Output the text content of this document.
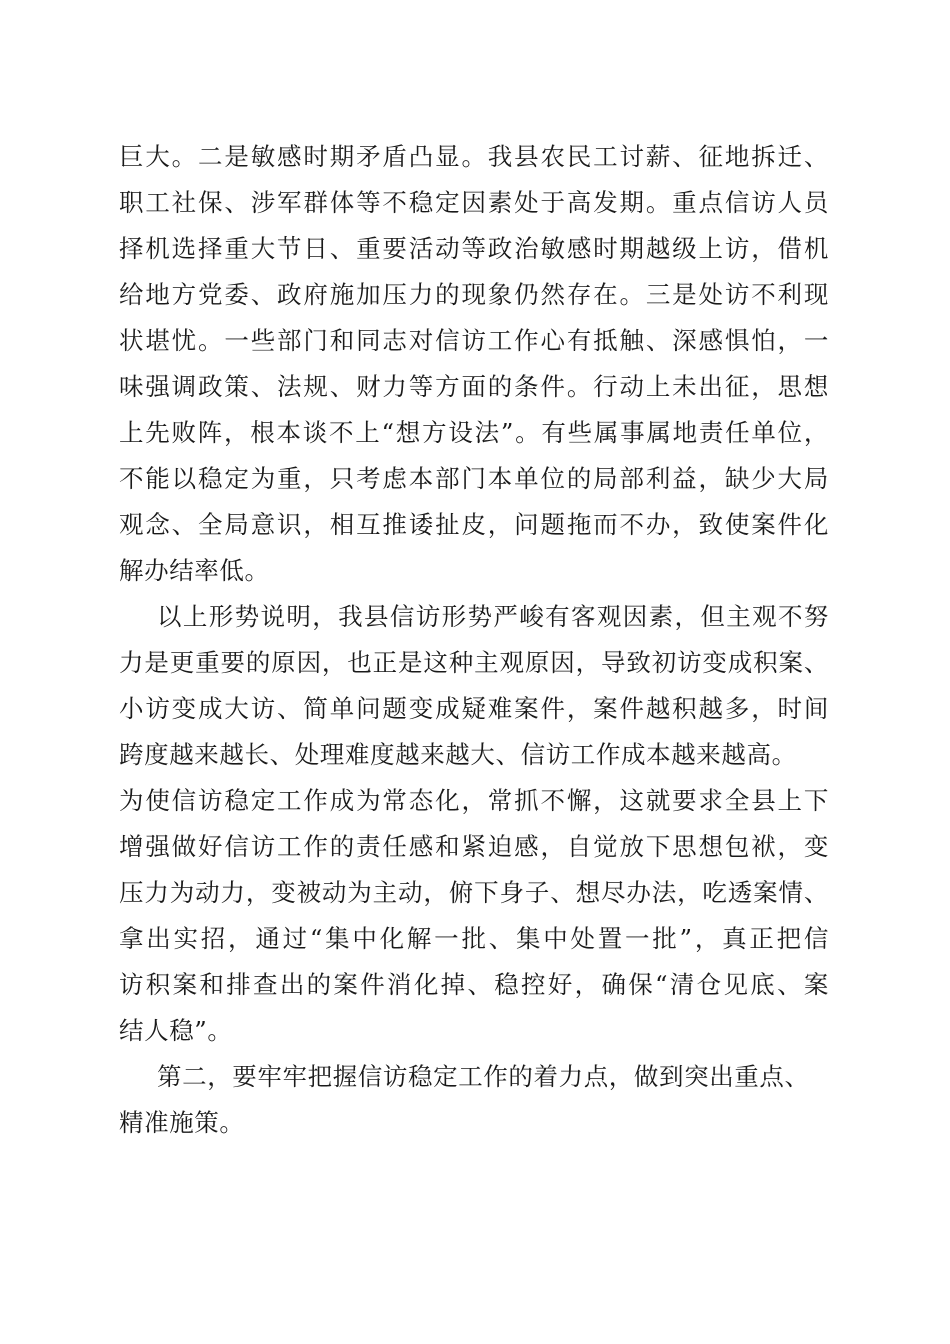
巨大。二是敏感时期矛盾凸显。我县农民工讨薪、征地拆迁、
职工社保、涉军群体等不稳定因素处于高发期。重点信访人员
择机选择重大节日、重要活动等政治敏感时期越级上访，借机
给地方党委、政府施加压力的现象仍然存在。三是处访不利现
状堪忧。一些部门和同志对信访工作心有抵触、深感惧怕，一
味强调政策、法规、财力等方面的条件。行动上未出征，思想
上先败阵，根本谈不上“想方设法”。有些属事属地责任单位，
不能以稳定为重，只考虑本部门本单位的局部利益，缺少大局
观念、全局意识，相互推诿扯皮，问题拖而不办，致使案件化
解办结率低。
以上形势说明，我县信访形势严峻有客观因素，但主观不努
力是更重要的原因，也正是这种主观原因，导致初访变成积案、
小访变成大访、简单问题变成疑难案件，案件越积越多，时间
跨度越来越长、处理难度越来越大、信访工作成本越来越高。
为使信访稳定工作成为常态化，常抓不懈，这就要求全县上下
增强做好信访工作的责任感和紧迫感，自觉放下思想包袱，变
压力为动力，变被动为主动，俯下身子、想尽办法，吃透案情、
拿出实招，通过“集中化解一批、集中处置一批”，真正把信
访积案和排查出的案件消化掉、稳控好，确保“清仓见底、案
结人稳”。
第二，要牢牢把握信访稳定工作的着力点，做到突出重点、
精准施策。
